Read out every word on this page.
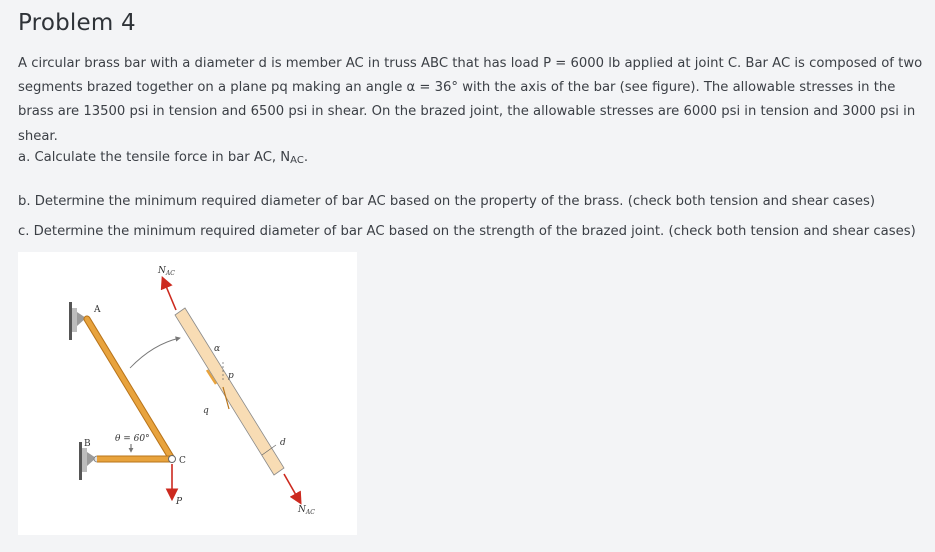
Problem 4

A circular brass bar with a diameter d is member AC in truss ABC that has load P = 6000 lb applied at joint C. Bar AC is composed of two segments brazed together on a plane pq making an angle α = 36° with the axis of the bar (see figure). The allowable stresses in the brass are 13500 psi in tension and 6500 psi in shear. On the brazed joint, the allowable stresses are 6000 psi in tension and 3000 psi in shear.

a. Calculate the tensile force in bar AC, NAC.

b. Determine the minimum required diameter of bar AC based on the property of the brass. (check both tension and shear cases)

c. Determine the minimum required diameter of bar AC based on the strength of the brazed joint. (check both tension and shear cases)

$N_{AC}$
A
B
C
P
θ = 60°
α
p
q
d
$N_{AC}$
